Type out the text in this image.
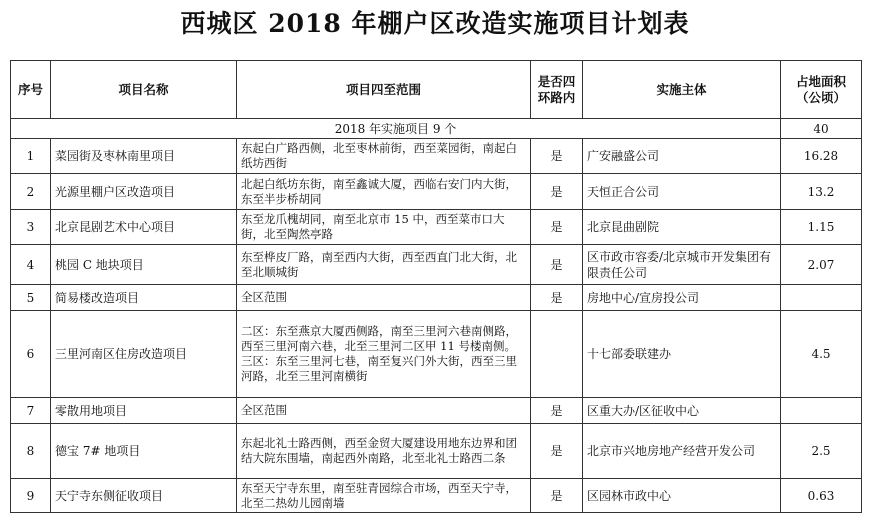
西城区 2018 年棚户区改造实施项目计划表
序号	项目名称	项目四至范围	是否四环路内	实施主体	占地面积（公顷）
2018 年实施项目 9 个					40
1	菜园街及枣林南里项目	东起白广路西侧，北至枣林前街，西至菜园街，南起白纸坊西街	是	广安融盛公司	16.28
2	光源里棚户区改造项目	北起白纸坊东街，南至鑫诚大厦，西临右安门内大街，东至半步桥胡同	是	天恒正合公司	13.2
3	北京昆剧艺术中心项目	东至龙爪槐胡同，南至北京市 15 中，西至菜市口大街，北至陶然亭路	是	北京昆曲剧院	1.15
4	桃园 C 地块项目	东至桦皮厂路，南至西内大街，西至西直门北大街，北至北顺城街	是	区市政市容委/北京城市开发集团有限责任公司	2.07
5	简易楼改造项目	全区范围	是	房地中心/宣房投公司	
6	三里河南区住房改造项目	二区：东至燕京大厦西侧路，南至三里河六巷南侧路，西至三里河南六巷，北至三里河二区甲 11 号楼南侧。三区：东至三里河七巷，南至复兴门外大街，西至三里河路，北至三里河南横街		十七部委联建办	4.5
7	零散用地项目	全区范围	是	区重大办/区征收中心	
8	德宝 7# 地项目	东起北礼士路西侧，西至金贸大厦建设用地东边界和团结大院东围墙，南起西外南路，北至北礼士路西二条	是	北京市兴地房地产经营开发公司	2.5
9	天宁寺东侧征收项目	东至天宁寺东里，南至驻青园综合市场，西至天宁寺，北至二热幼儿园南墙	是	区园林市政中心	0.63
